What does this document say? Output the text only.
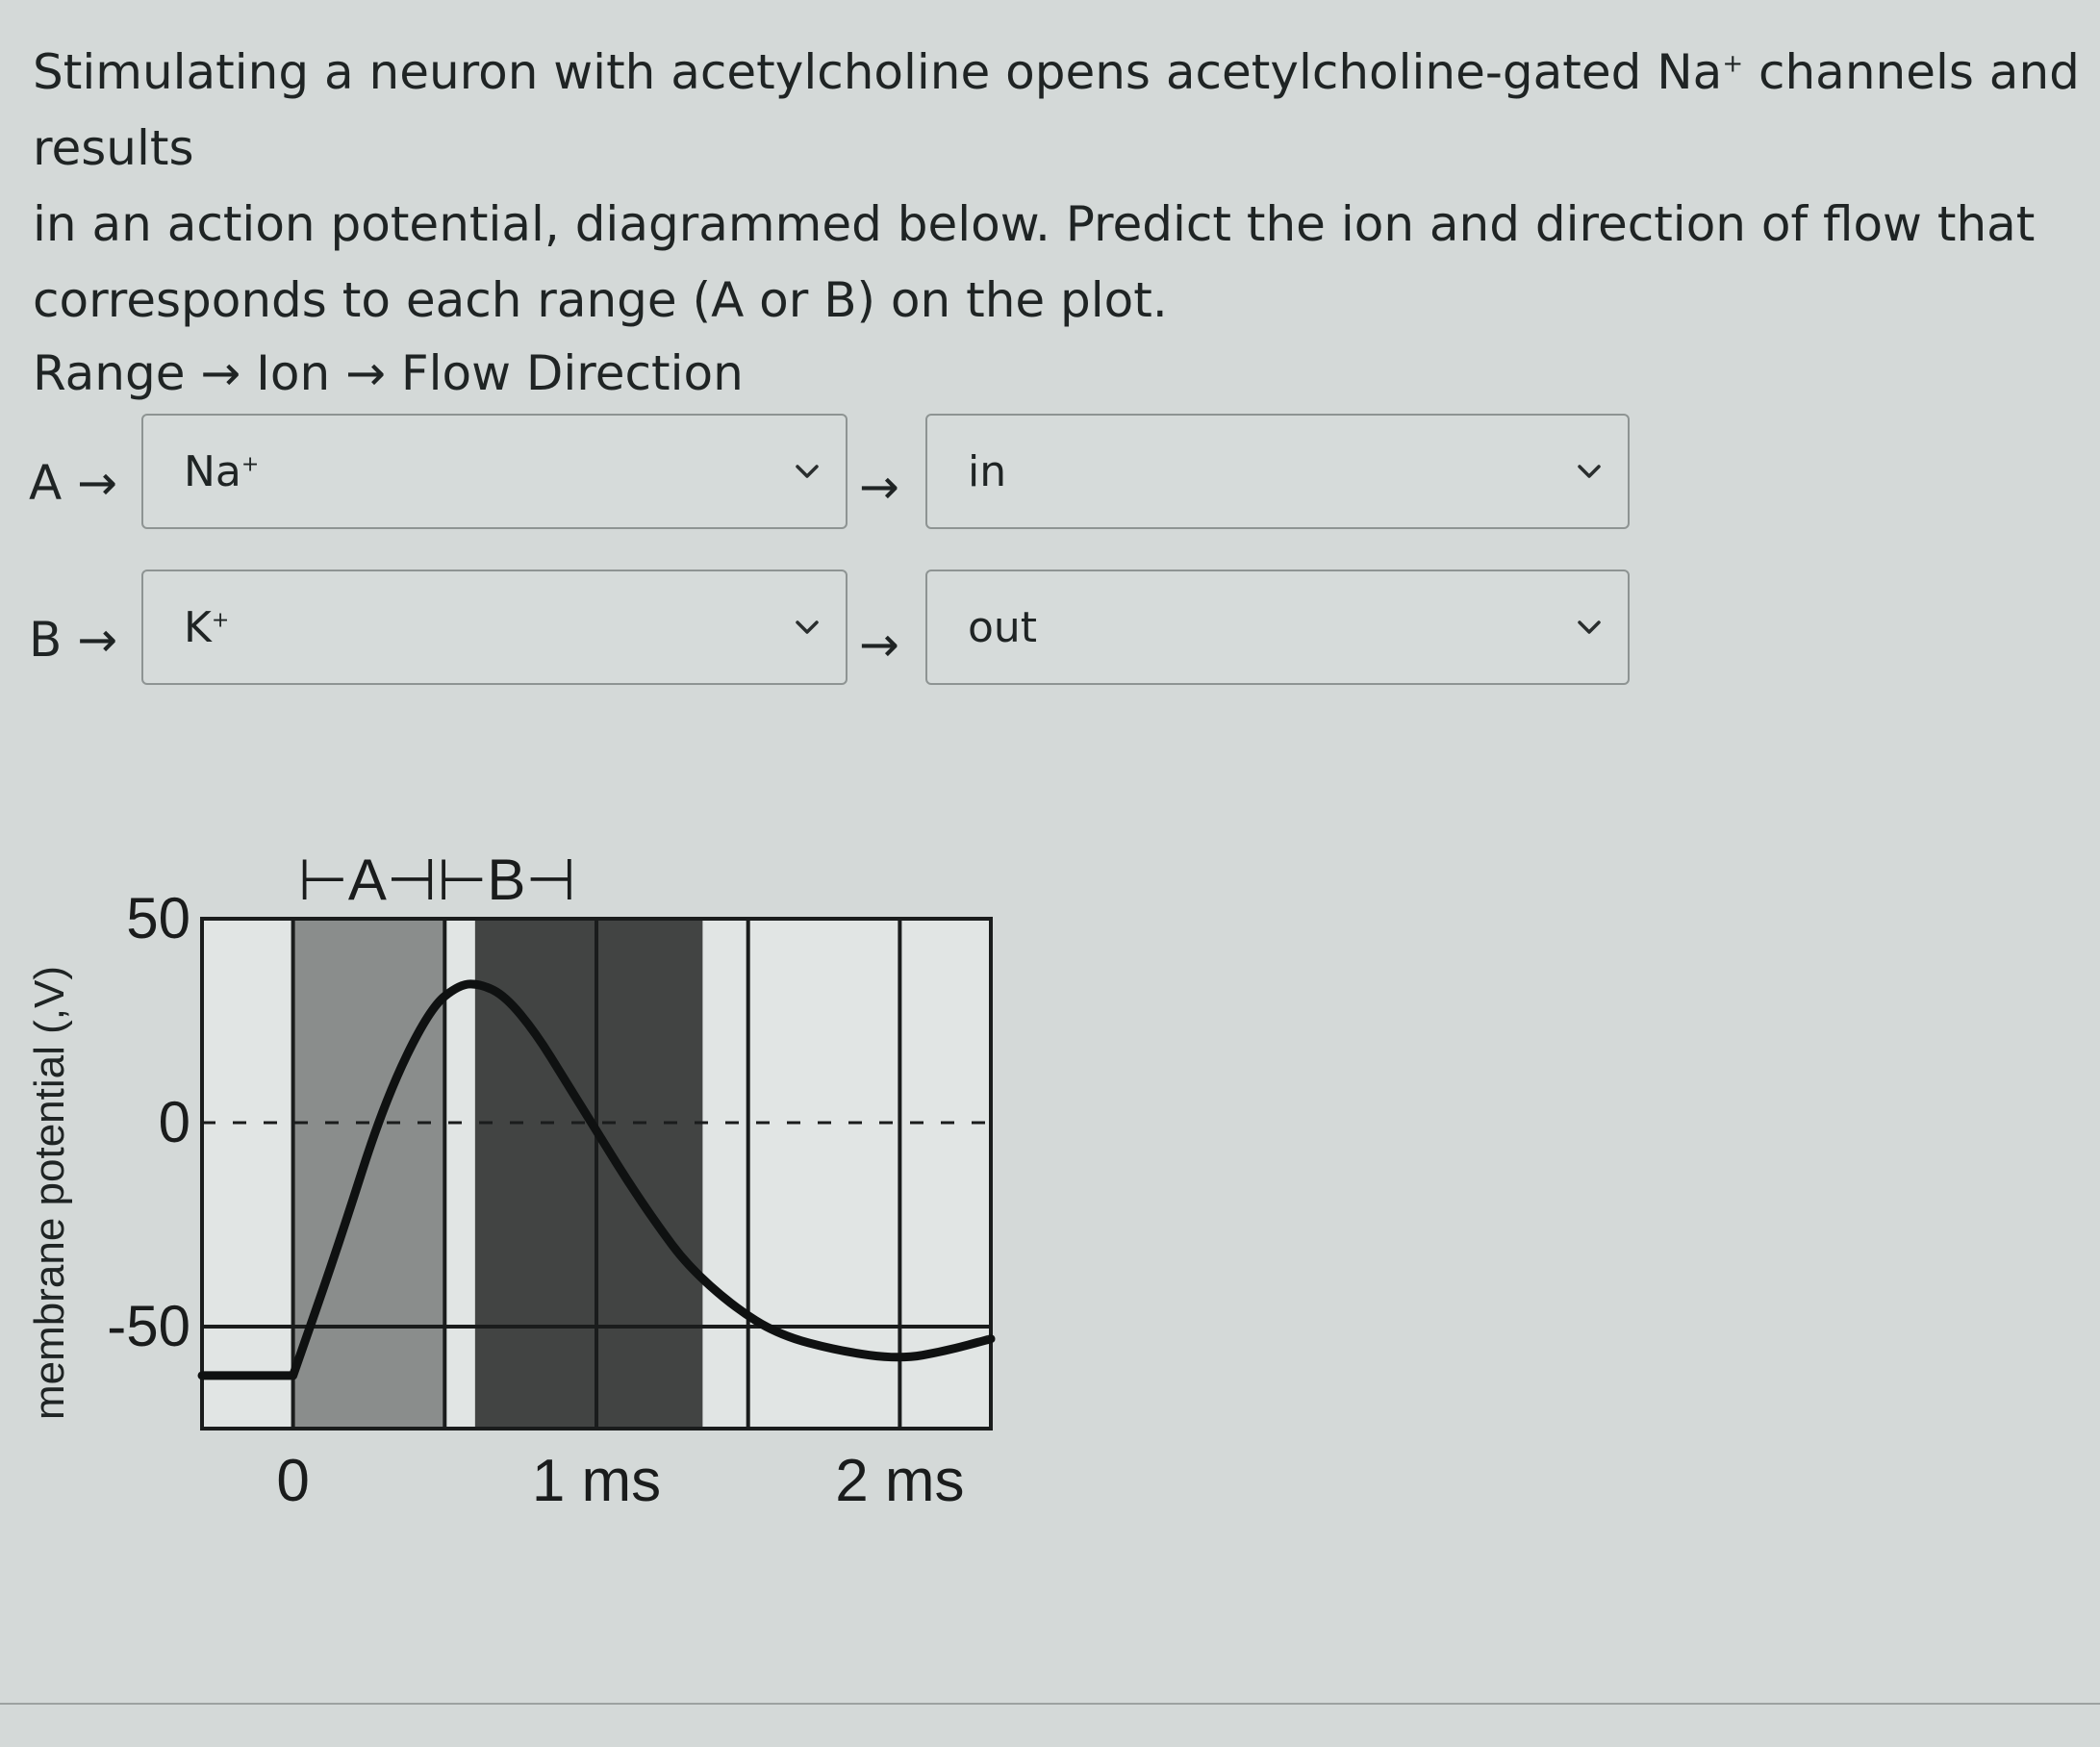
Stimulating a neuron with acetylcholine opens acetylcholine-gated Na+ channels and results
in an action potential, diagrammed below. Predict the ion and direction of flow that
corresponds to each range (A or B) on the plot.

Range → Ion → Flow Direction
A → Na+	→ in
B → K+	→ out
membrane potential (,V)
50
0
-50
0	1 ms	2 ms
⊢A⊣⊢B⊣
